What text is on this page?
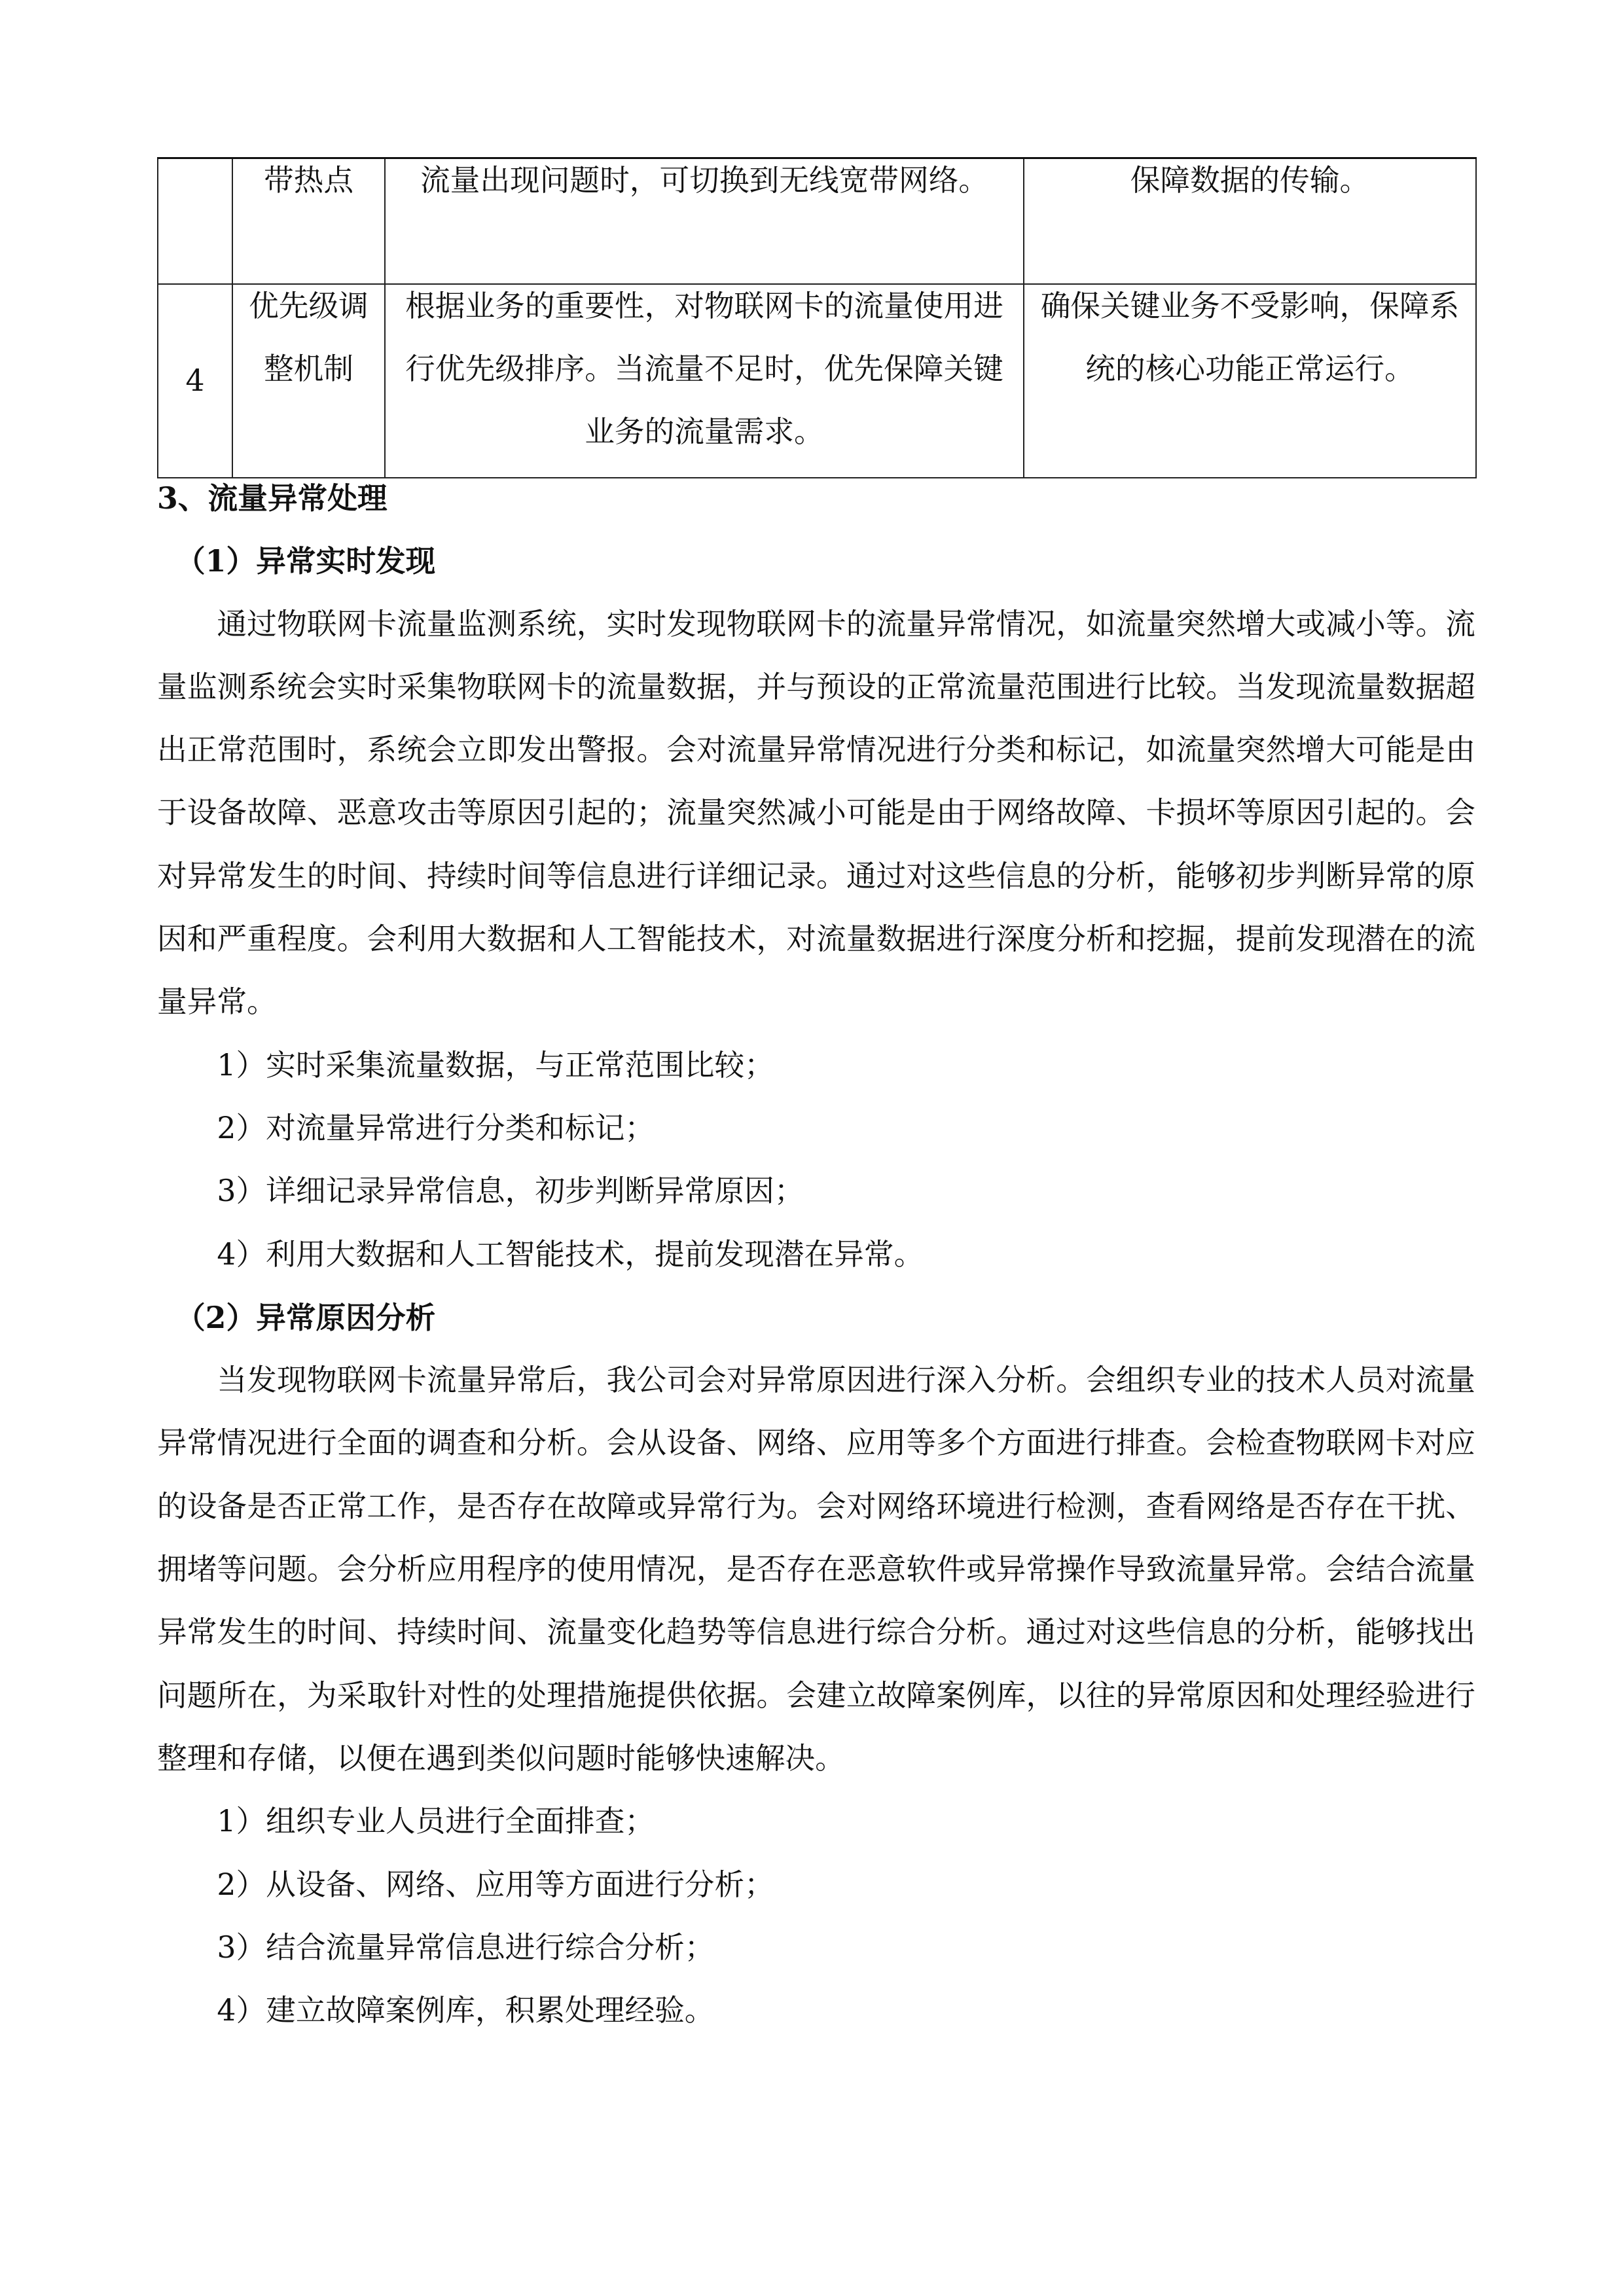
	带热点	流量出现问题时，可切换到无线宽带网络。	保障数据的传输。

4	优先级调整机制	根据业务的重要性，对物联网卡的流量使用进行优先级排序。当流量不足时，优先保障关键业务的流量需求。	确保关键业务不受影响，保障系统的核心功能正常运行。

3、流量异常处理

（1）异常实时发现

通过物联网卡流量监测系统，实时发现物联网卡的流量异常情况，如流量突然增大或减小等。流量监测系统会实时采集物联网卡的流量数据，并与预设的正常流量范围进行比较。当发现流量数据超出正常范围时，系统会立即发出警报。会对流量异常情况进行分类和标记，如流量突然增大可能是由于设备故障、恶意攻击等原因引起的；流量突然减小可能是由于网络故障、卡损坏等原因引起的。会对异常发生的时间、持续时间等信息进行详细记录。通过对这些信息的分析，能够初步判断异常的原因和严重程度。会利用大数据和人工智能技术，对流量数据进行深度分析和挖掘，提前发现潜在的流量异常。

1）实时采集流量数据，与正常范围比较；

2）对流量异常进行分类和标记；

3）详细记录异常信息，初步判断异常原因；

4）利用大数据和人工智能技术，提前发现潜在异常。

（2）异常原因分析

当发现物联网卡流量异常后，我公司会对异常原因进行深入分析。会组织专业的技术人员对流量异常情况进行全面的调查和分析。会从设备、网络、应用等多个方面进行排查。会检查物联网卡对应的设备是否正常工作，是否存在故障或异常行为。会对网络环境进行检测，查看网络是否存在干扰、拥堵等问题。会分析应用程序的使用情况，是否存在恶意软件或异常操作导致流量异常。会结合流量异常发生的时间、持续时间、流量变化趋势等信息进行综合分析。通过对这些信息的分析，能够找出问题所在，为采取针对性的处理措施提供依据。会建立故障案例库，以往的异常原因和处理经验进行整理和存储，以便在遇到类似问题时能够快速解决。

1）组织专业人员进行全面排查；

2）从设备、网络、应用等方面进行分析；

3）结合流量异常信息进行综合分析；

4）建立故障案例库，积累处理经验。
